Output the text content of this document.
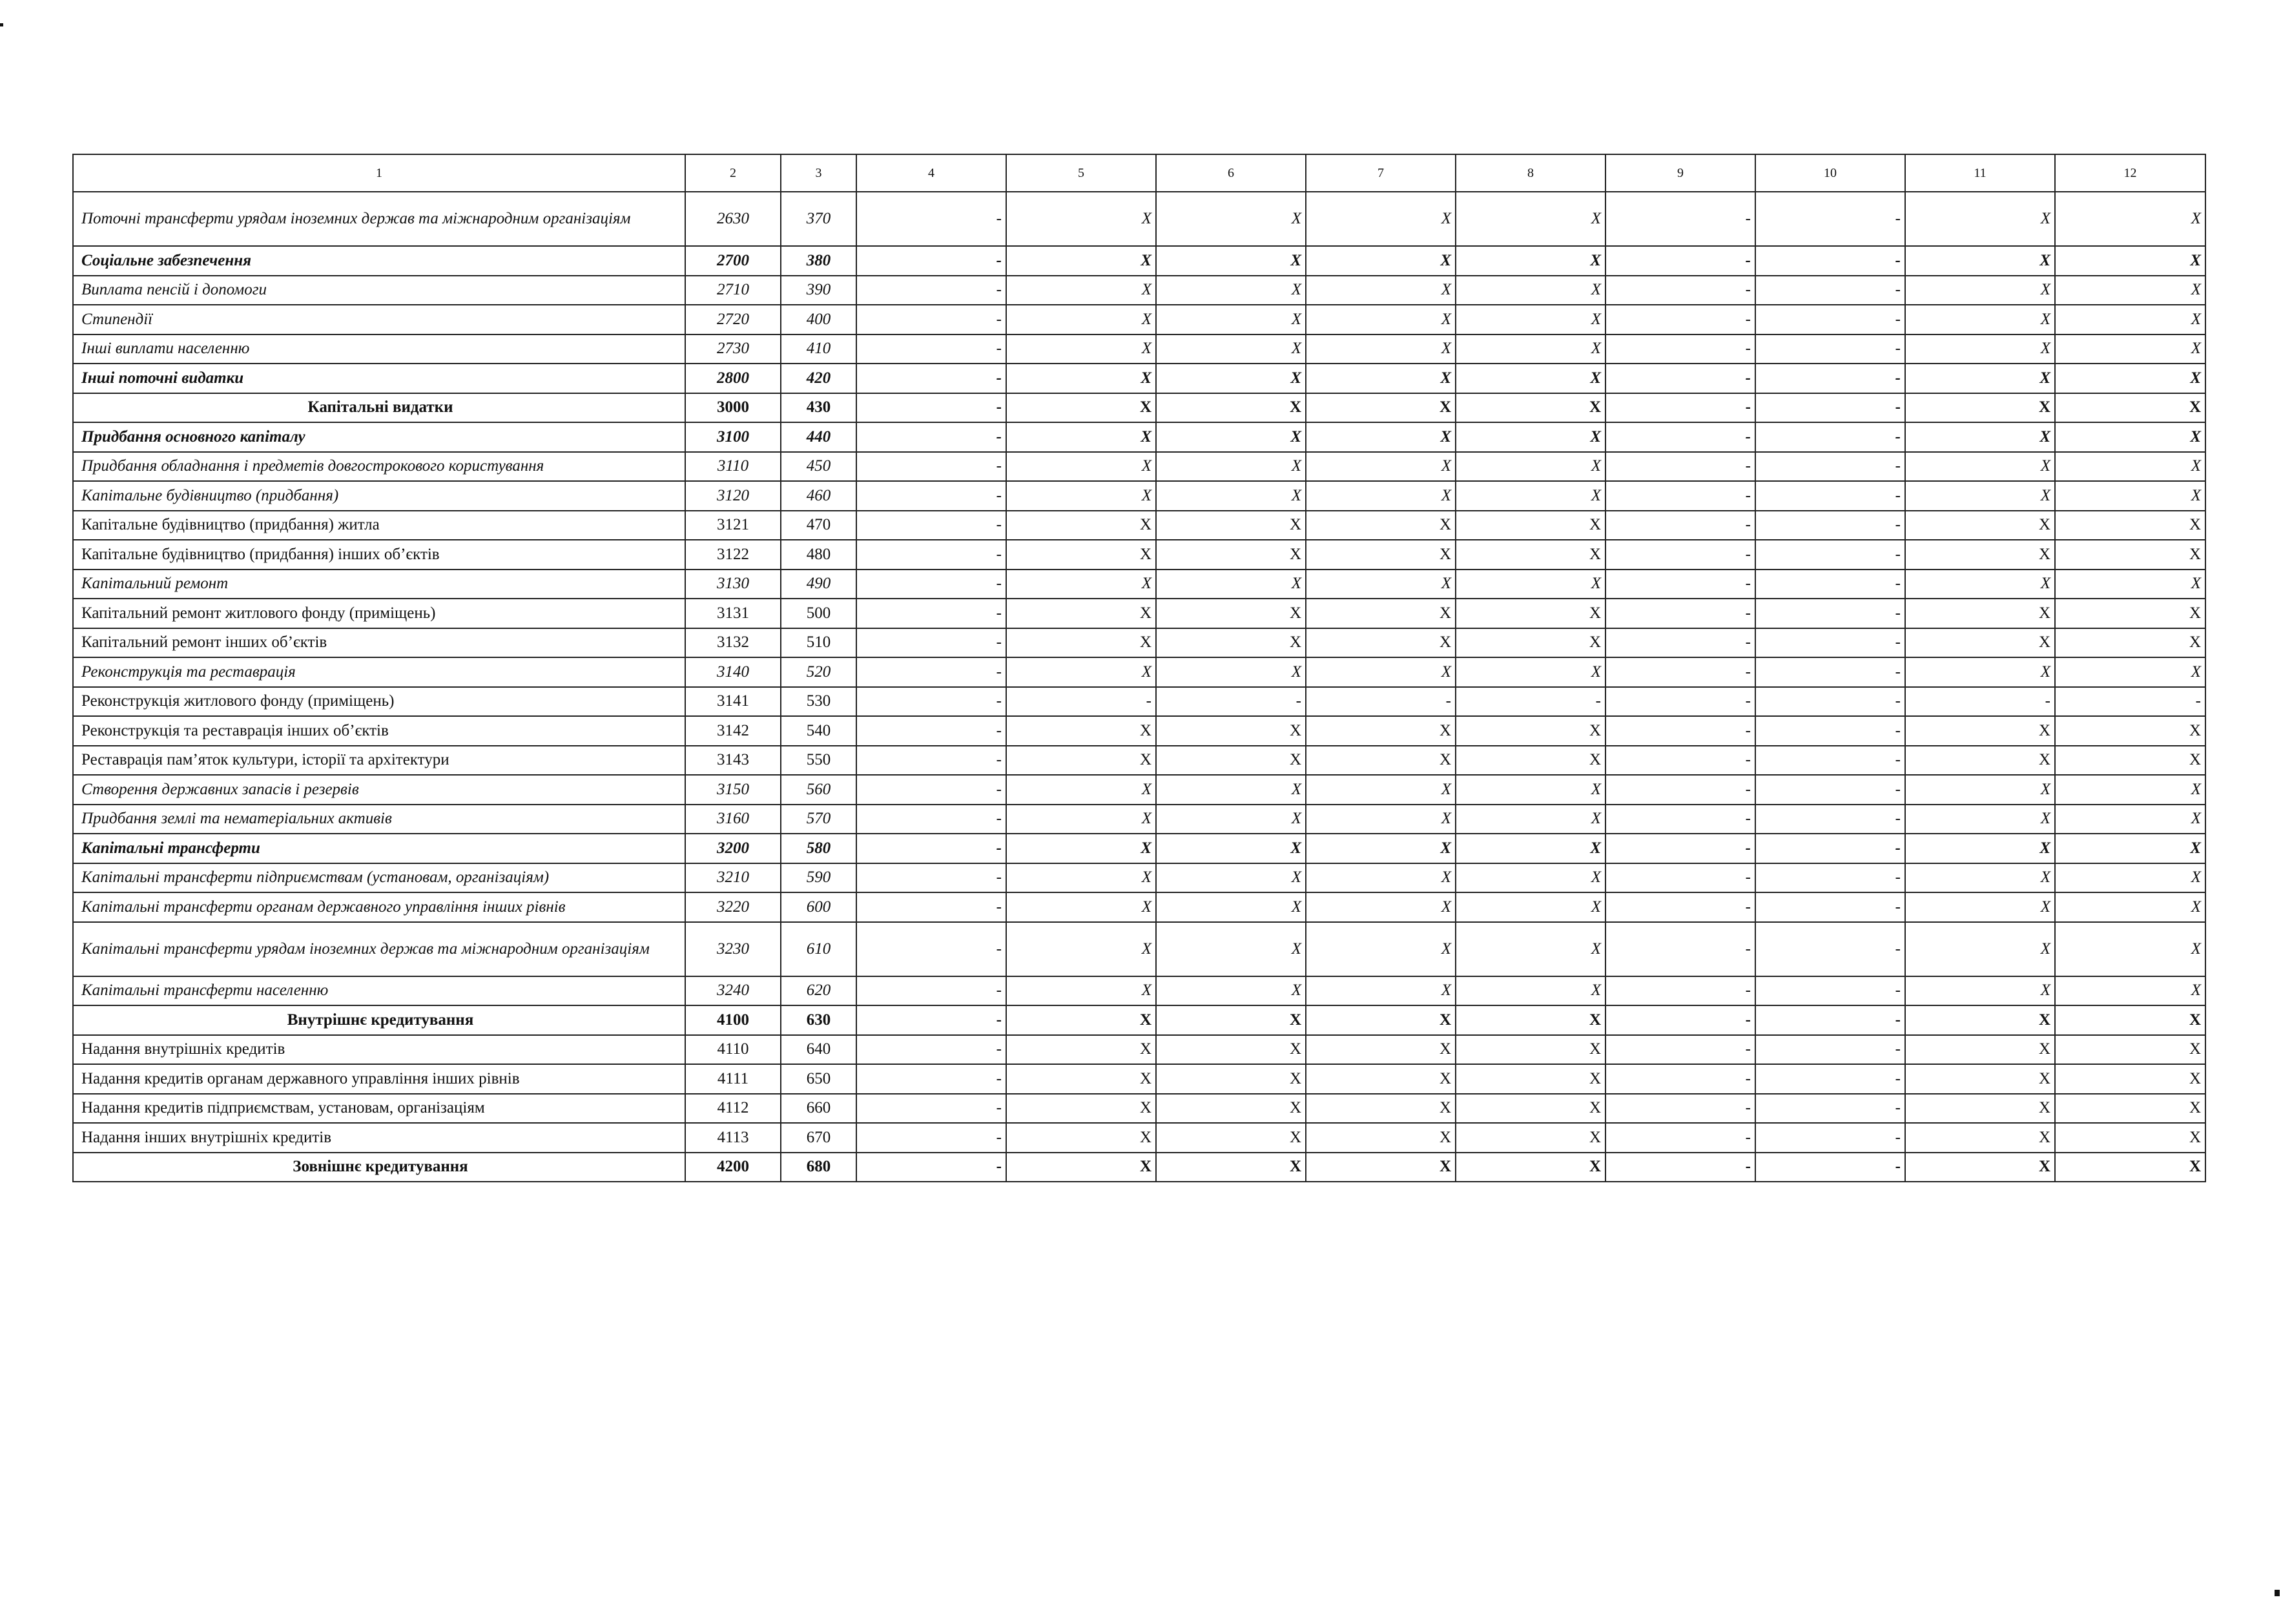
1	2	3	4	5	6	7	8	9	10	11	12
Поточні трансферти урядам іноземних держав та міжнародним організаціям	2630	370	-	X	X	X	X	-	-	X	X
Соціальне забезпечення	2700	380	-	X	X	X	X	-	-	X	X
Виплата пенсій і допомоги	2710	390	-	X	X	X	X	-	-	X	X
Стипендії	2720	400	-	X	X	X	X	-	-	X	X
Інші виплати населенню	2730	410	-	X	X	X	X	-	-	X	X
Інші поточні видатки	2800	420	-	X	X	X	X	-	-	X	X
Капітальні видатки	3000	430	-	X	X	X	X	-	-	X	X
Придбання основного капіталу	3100	440	-	X	X	X	X	-	-	X	X
Придбання обладнання і предметів довгострокового користування	3110	450	-	X	X	X	X	-	-	X	X
Капітальне будівництво (придбання)	3120	460	-	X	X	X	X	-	-	X	X
Капітальне будівництво (придбання) житла	3121	470	-	X	X	X	X	-	-	X	X
Капітальне будівництво (придбання) інших об’єктів	3122	480	-	X	X	X	X	-	-	X	X
Капітальний ремонт	3130	490	-	X	X	X	X	-	-	X	X
Капітальний ремонт житлового фонду (приміщень)	3131	500	-	X	X	X	X	-	-	X	X
Капітальний ремонт інших об’єктів	3132	510	-	X	X	X	X	-	-	X	X
Реконструкція та реставрація	3140	520	-	X	X	X	X	-	-	X	X
Реконструкція житлового фонду (приміщень)	3141	530	-	-	-	-	-	-	-	-	-
Реконструкція та реставрація інших об’єктів	3142	540	-	X	X	X	X	-	-	X	X
Реставрація пам’яток культури, історії та архітектури	3143	550	-	X	X	X	X	-	-	X	X
Створення державних запасів і резервів	3150	560	-	X	X	X	X	-	-	X	X
Придбання землі та нематеріальних активів	3160	570	-	X	X	X	X	-	-	X	X
Капітальні трансферти	3200	580	-	X	X	X	X	-	-	X	X
Капітальні трансферти підприємствам (установам, організаціям)	3210	590	-	X	X	X	X	-	-	X	X
Капітальні трансферти органам державного управління інших рівнів	3220	600	-	X	X	X	X	-	-	X	X
Капітальні трансферти урядам іноземних держав та міжнародним організаціям	3230	610	-	X	X	X	X	-	-	X	X
Капітальні трансферти населенню	3240	620	-	X	X	X	X	-	-	X	X
Внутрішнє кредитування	4100	630	-	X	X	X	X	-	-	X	X
Надання внутрішніх кредитів	4110	640	-	X	X	X	X	-	-	X	X
Надання кредитів органам державного управління інших рівнів	4111	650	-	X	X	X	X	-	-	X	X
Надання кредитів підприємствам, установам, організаціям	4112	660	-	X	X	X	X	-	-	X	X
Надання інших внутрішніх кредитів	4113	670	-	X	X	X	X	-	-	X	X
Зовнішнє кредитування	4200	680	-	X	X	X	X	-	-	X	X
